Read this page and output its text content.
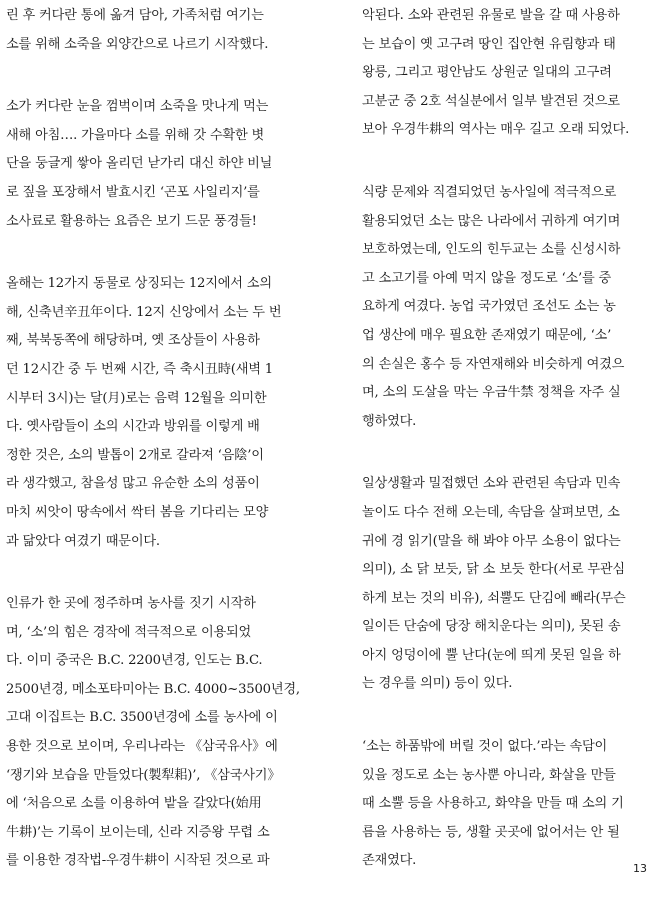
린 후 커다란 통에 옮겨 담아, 가족처럼 여기는
소를 위해 소죽을 외양간으로 나르기 시작했다.

소가 커다란 눈을 껌벅이며 소죽을 맛나게 먹는
새해 아침…. 가을마다 소를 위해 갓 수확한 볏
단을 둥글게 쌓아 올리던 낟가리 대신 하얀 비닐
로 짚을 포장해서 발효시킨 ‘곤포 사일리지’를
소사료로 활용하는 요즘은 보기 드문 풍경들!

올해는 12가지 동물로 상징되는 12지에서 소의
해, 신축년辛丑年이다. 12지 신앙에서 소는 두 번
째, 북북동쪽에 해당하며, 옛 조상들이 사용하
던 12시간 중 두 번째 시간, 즉 축시丑時(새벽 1
시부터 3시)는 달(月)로는 음력 12월을 의미한
다. 옛사람들이 소의 시간과 방위를 이렇게 배
정한 것은, 소의 발톱이 2개로 갈라져 ‘음陰’이
라 생각했고, 참을성 많고 유순한 소의 성품이
마치 씨앗이 땅속에서 싹터 봄을 기다리는 모양
과 닮았다 여겼기 때문이다.

인류가 한 곳에 정주하며 농사를 짓기 시작하
며, ‘소’의 힘은 경작에 적극적으로 이용되었
다. 이미 중국은 B.C. 2200년경, 인도는 B.C.
2500년경, 메소포타미아는 B.C. 4000~3500년경,
고대 이집트는 B.C. 3500년경에 소를 농사에 이
용한 것으로 보이며, 우리나라는 《삼국유사》에
‘쟁기와 보습을 만들었다(製犁耜)’, 《삼국사기》
에 ‘처음으로 소를 이용하여 밭을 갈았다(始用
牛耕)’는 기록이 보이는데, 신라 지증왕 무렵 소
를 이용한 경작법-우경牛耕이 시작된 것으로 파

악된다. 소와 관련된 유물로 발을 갈 때 사용하
는 보습이 옛 고구려 땅인 집안현 유림향과 태
왕릉, 그리고 평안남도 상원군 일대의 고구려
고분군 중 2호 석실분에서 일부 발견된 것으로
보아 우경牛耕의 역사는 매우 길고 오래 되었다.

식량 문제와 직결되었던 농사일에 적극적으로
활용되었던 소는 많은 나라에서 귀하게 여기며
보호하였는데, 인도의 힌두교는 소를 신성시하
고 소고기를 아예 먹지 않을 정도로 ‘소’를 중
요하게 여겼다. 농업 국가였던 조선도 소는 농
업 생산에 매우 필요한 존재였기 때문에, ‘소’
의 손실은 홍수 등 자연재해와 비슷하게 여겼으
며, 소의 도살을 막는 우금牛禁 정책을 자주 실
행하였다.

일상생활과 밀접했던 소와 관련된 속담과 민속
놀이도 다수 전해 오는데, 속담을 살펴보면, 소
귀에 경 읽기(말을 해 봐야 아무 소용이 없다는
의미), 소 닭 보듯, 닭 소 보듯 한다(서로 무관심
하게 보는 것의 비유), 쇠뿔도 단김에 빼라(무슨
일이든 단숨에 당장 해치운다는 의미), 못된 송
아지 엉덩이에 뿔 난다(눈에 띄게 못된 일을 하
는 경우를 의미) 등이 있다.

‘소는 하품밖에 버릴 것이 없다.’라는 속담이
있을 정도로 소는 농사뿐 아니라, 화살을 만들
때 소뿔 등을 사용하고, 화약을 만들 때 소의 기
름을 사용하는 등, 생활 곳곳에 없어서는 안 될
존재였다.

13
